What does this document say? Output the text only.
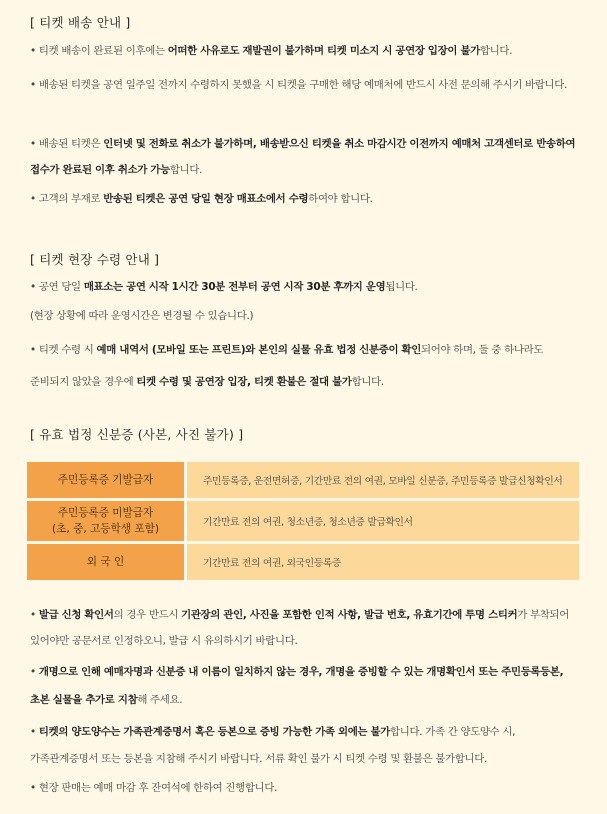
[ 티켓 배송 안내 ]
• 티켓 배송이 완료된 이후에는 어떠한 사유로도 재발권이 불가하며 티켓 미소지 시 공연장 입장이 불가합니다.
• 배송된 티켓을 공연 일주일 전까지 수령하지 못했을 시 티켓을 구매한 해당 예매처에 반드시 사전 문의해 주시기 바랍니다.
• 배송된 티켓은 인터넷 및 전화로 취소가 불가하며, 배송받으신 티켓을 취소 마감시간 이전까지 예매처 고객센터로 반송하여 접수가 완료된 이후 취소가 가능합니다.
• 고객의 부재로 반송된 티켓은 공연 당일 현장 매표소에서 수령하여야 합니다.
[ 티켓 현장 수령 안내 ]
• 공연 당일 매표소는 공연 시작 1시간 30분 전부터 공연 시작 30분 후까지 운영됩니다.
(현장 상황에 따라 운영시간은 변경될 수 있습니다.)
• 티켓 수령 시 예매 내역서 (모바일 또는 프린트)와 본인의 실물 유효 법정 신분증이 확인되어야 하며, 둘 중 하나라도 준비되지 않았을 경우에 티켓 수령 및 공연장 입장, 티켓 환불은 절대 불가합니다.
[ 유효 법정 신분증 (사본, 사진 불가) ]
주민등록증 기발급자		주민등록증, 운전면허증, 기간만료 전의 여권, 모바일 신분증, 주민등록증 발급신청확인서

주민등록증 미발급자
(초, 중, 고등학생 포함)		기간만료 전의 여권, 청소년증, 청소년증 발급확인서
외 국 인		기간만료 전의 여권, 외국인등록증
• 발급 신청 확인서의 경우 반드시 기관장의 관인, 사진을 포함한 인적 사항, 발급 번호, 유효기간에 투명 스티커가 부착되어 있어야만 공문서로 인정하오니, 발급 시 유의하시기 바랍니다.
• 개명으로 인해 예매자명과 신분증 내 이름이 일치하지 않는 경우, 개명을 증빙할 수 있는 개명확인서 또는 주민등록등본, 초본 실물을 추가로 지참해 주세요.
• 티켓의 양도양수는 가족관계증명서 혹은 등본으로 증빙 가능한 가족 외에는 불가합니다. 가족 간 양도양수 시, 가족관계증명서 또는 등본을 지참해 주시기 바랍니다. 서류 확인 불가 시 티켓 수령 및 환불은 불가합니다.
• 현장 판매는 예매 마감 후 잔여석에 한하여 진행합니다.
